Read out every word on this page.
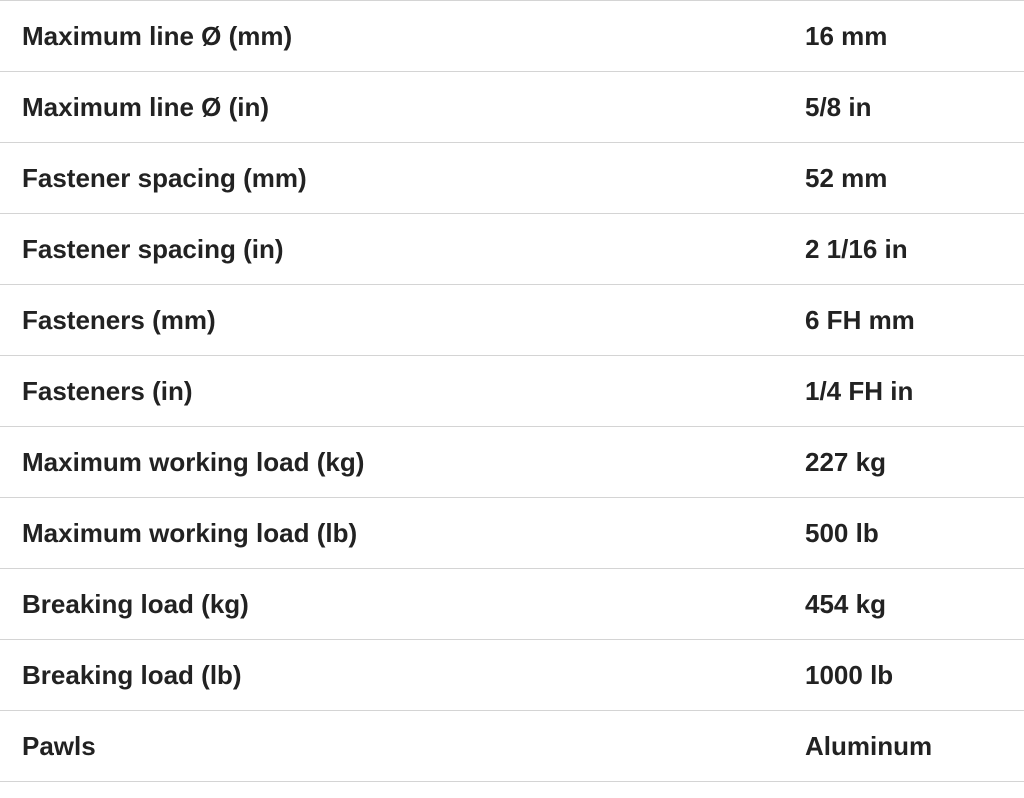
Maximum line Ø (mm)	16 mm
Maximum line Ø (in)	5/8 in
Fastener spacing (mm)	52 mm
Fastener spacing (in)	2 1/16 in
Fasteners (mm)	6 FH mm
Fasteners (in)	1/4 FH in
Maximum working load (kg)	227 kg
Maximum working load (lb)	500 lb
Breaking load (kg)	454 kg
Breaking load (lb)	1000 lb
Pawls	Aluminum
